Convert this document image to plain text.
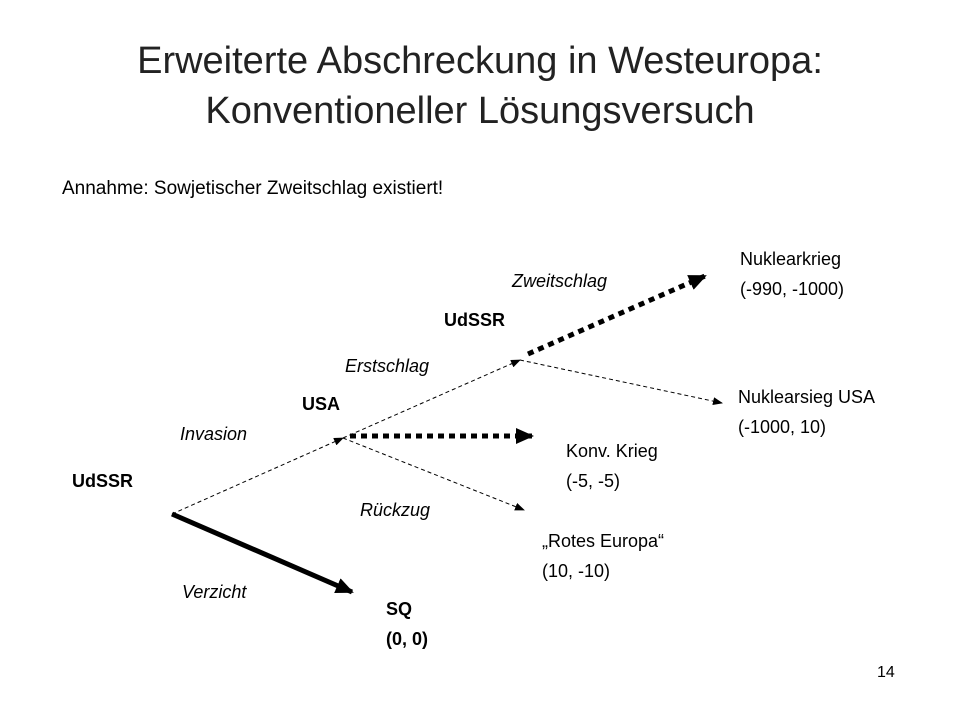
Erweiterte Abschreckung in Westeuropa:
Konventioneller Lösungsversuch
Annahme: Sowjetischer Zweitschlag existiert!
UdSSR
USA
UdSSR
Verzicht
Invasion
Rückzug
Erstschlag
Zweitschlag
SQ
(0, 0)
„Rotes Europa“
(10, -10)
Konv. Krieg
(-5, -5)
Nuklearsieg USA
(-1000, 10)
Nuklearkrieg
(-990, -1000)
14
